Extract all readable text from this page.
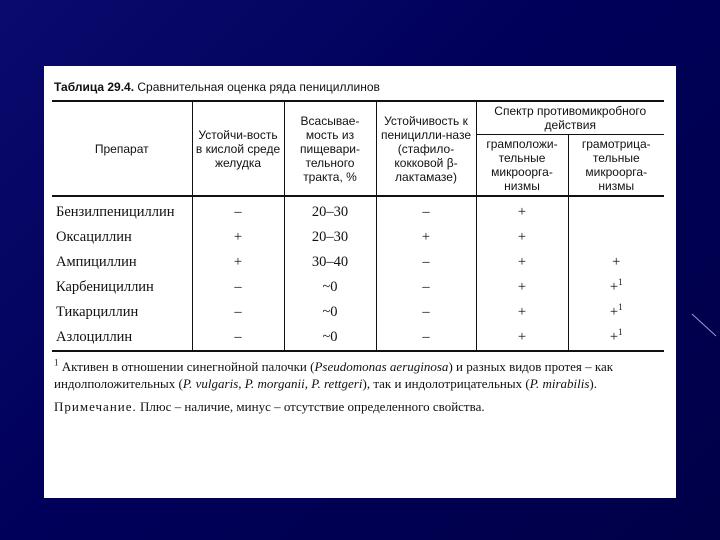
Таблица 29.4. Сравнительная оценка ряда пенициллинов
Препарат	Устойчи-вость в кислой среде желудка	Всасывае-мость из пищевари-тельного тракта, %	Устойчивость к пеницилли-назе (стафило-кокковой β-лактамазе)	Спектр противомикробного действия	
				грамположи-тельные микроорга-низмы	грамотрица-тельные микроорга-низмы
Бензилпенициллин	–	20–30	–	+	
Оксациллин	+	20–30	+	+	
Ампициллин	+	30–40	–	+	+
Карбенициллин	–	~0	–	+	+$^1$
Тикарциллин	–	~0	–	+	+$^1$
Азлоциллин	–	~0	–	+	+$^1$
$^1$ Активен в отношении синегнойной палочки (Pseudomonas aeruginosa) и разных видов протея – как индолположительных (P. vulgaris, P. morganii, P. rettgeri), так и индолотрицательных (P. mirabilis).
Примечание. Плюс – наличие, минус – отсутствие определенного свойства.
